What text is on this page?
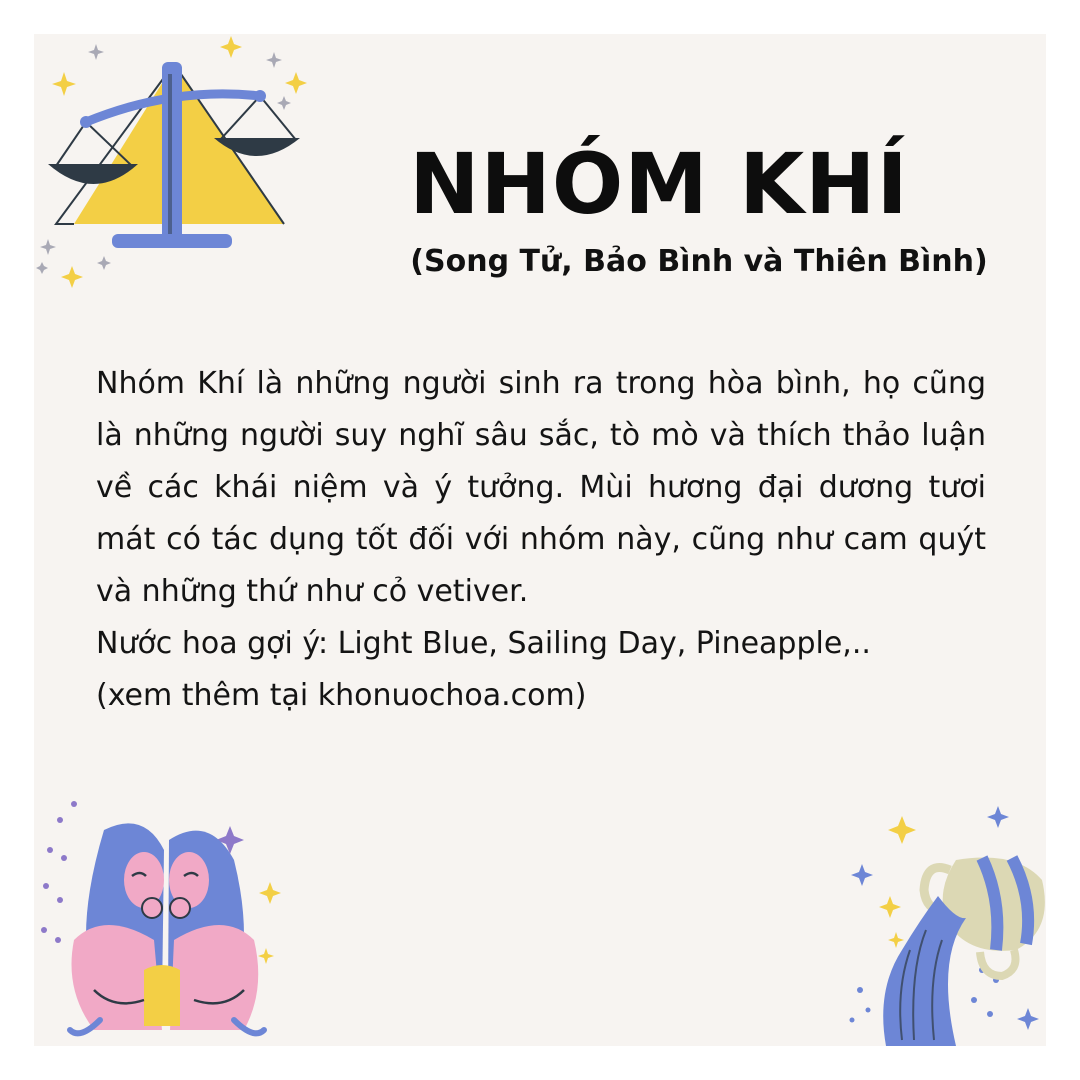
NHÓM KHÍ
(Song Tử, Bảo Bình và Thiên Bình)
Nhóm Khí là những người sinh ra trong hòa bình, họ cũng là những người suy nghĩ sâu sắc, tò mò và thích thảo luận về các khái niệm và ý tưởng. Mùi hương đại dương tươi mát có tác dụng tốt đối với nhóm này, cũng như cam quýt và những thứ như cỏ vetiver.
Nước hoa gợi ý: Light Blue, Sailing Day, Pineapple,..
(xem thêm tại khonuochoa.com)
